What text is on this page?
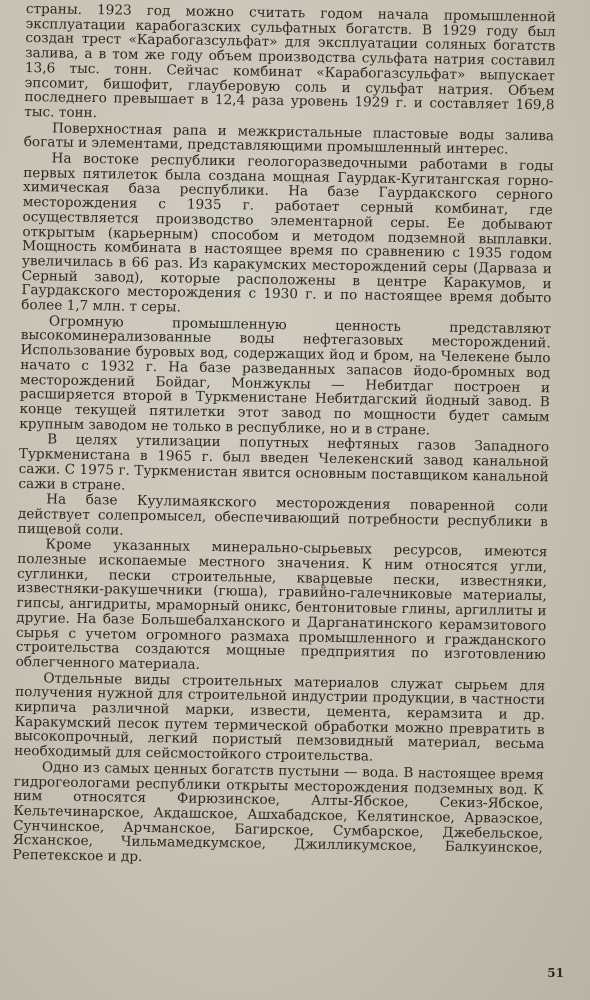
страны. 1923 год можно считать годом начала промышленной эксплуатации карабогазских сульфатных богатств. В 1929 году был создан трест «Карабогазсульфат» для эксплуатации соляных богатств залива, а в том же году объем производства сульфата натрия составил 13,6 тыс. тонн. Сейчас комбинат «Карабогазсульфат» выпускает эпсомит, бишофит, глауберовую соль и сульфат натрия. Объем последнего превышает в 12,4 раза уровень 1929 г. и составляет 169,8 тыс. тонн.

Поверхностная рапа и межкристальные пластовые воды залива богаты и элементами, представляющими промышленный интерес.

На востоке республики геологоразведочными работами в годы первых пятилеток была создана мощная Гаурдак-Кугитангская горно-химическая база республики. На базе Гаурдакского серного месторождения с 1935 г. работает серный комбинат, где осуществляется производство элементарной серы. Ее добывают открытым (карьерным) способом и методом подземной выплавки. Мощность комбината в настоящее время по сравнению с 1935 годом увеличилась в 66 раз. Из каракумских месторождений серы (Дарваза и Серный завод), которые расположены в центре Каракумов, и Гаурдакского месторождения с 1930 г. и по настоящее время добыто более 1,7 млн. т серы.

Огромную промышленную ценность представляют высокоминерализованные воды нефтегазовых месторождений. Использование буровых вод, содержащих йод и бром, на Челекене было начато с 1932 г. На базе разведанных запасов йодо-бромных вод месторождений Бойдаг, Монжуклы — Небитдаг построен и расширяется второй в Туркменистане Небитдагский йодный завод. В конце текущей пятилетки этот завод по мощности будет самым крупным заводом не только в республике, но и в стране.

В целях утилизации попутных нефтяных газов Западного Туркменистана в 1965 г. был введен Челекенский завод канальной сажи. С 1975 г. Туркменистан явится основным поставщиком канальной сажи в стране.

На базе Куулимаякского месторождения поваренной соли действует солепромысел, обеспечивающий потребности республики в пищевой соли.

Кроме указанных минерально-сырьевых ресурсов, имеются полезные ископаемые местного значения. К ним относятся угли, суглинки, пески строительные, кварцевые пески, известняки, известняки-ракушечники (гюша), гравийно-галечниковые материалы, гипсы, ангидриты, мраморный оникс, бентонитовые глины, аргиллиты и другие. На базе Большебалханского и Дарганатинского керамзитового сырья с учетом огромного размаха промышленного и гражданского строительства создаются мощные предприятия по изготовлению облегченного материала.

Отдельные виды строительных материалов служат сырьем для получения нужной для строительной индустрии продукции, в частности кирпича различной марки, извести, цемента, керамзита и др. Каракумский песок путем термической обработки можно превратить в высокопрочный, легкий пористый пемзовидный материал, весьма необходимый для сейсмостойкого строительства.

Одно из самых ценных богатств пустыни — вода. В настоящее время гидрогеологами республики открыты месторождения подземных вод. К ним относятся Фирюзинское, Алты-Ябское, Секиз-Ябское, Кельтечинарское, Акдашское, Ашхабадское, Келятинское, Арваэское, Сунчинское, Арчманское, Багирское, Сумбарское, Джебельское, Ясханское, Чильмамедкумское, Джилликумское, Балкуинское, Репетекское и др.

51
